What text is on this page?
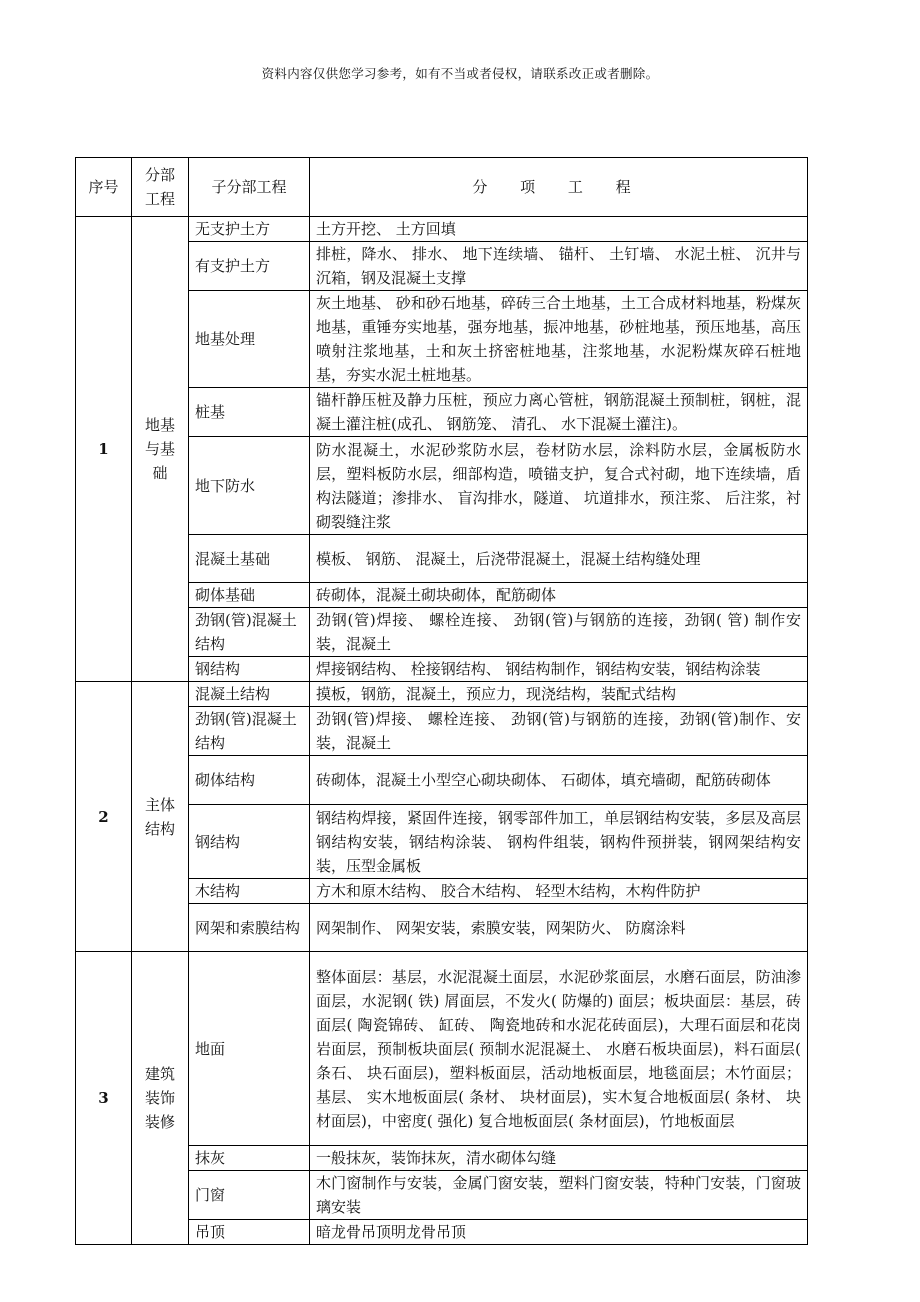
资料内容仅供您学习参考，如有不当或者侵权，请联系改正或者删除。
序号	分部工程	子分部工程	分 项 工 程
1	地基与基础	无支护土方	土方开挖、 土方回填
		有支护土方	排桩，降水、 排水、 地下连续墙、 锚杆、 土钉墙、 水泥土桩、 沉井与沉箱，钢及混凝土支撑
		地基处理	灰土地基、 砂和砂石地基，碎砖三合土地基，土工合成材料地基，粉煤灰地基，重锤夯实地基，强夯地基，振冲地基，砂桩地基，预压地基，高压喷射注浆地基，土和灰土挤密桩地基，注浆地基，水泥粉煤灰碎石桩地基，夯实水泥土桩地基。
		桩基	锚杆静压桩及静力压桩，预应力离心管桩，钢筋混凝土预制桩，钢桩，混凝土灌注桩(成孔、 钢筋笼、 清孔、 水下混凝土灌注)。
		地下防水	防水混凝土，水泥砂浆防水层，卷材防水层，涂料防水层，金属板防水层，塑料板防水层，细部构造，喷锚支护，复合式衬砌，地下连续墙，盾构法隧道；渗排水、 盲沟排水，隧道、 坑道排水，预注浆、 后注浆，衬砌裂缝注浆
		混凝土基础	模板、 钢筋、 混凝土，后浇带混凝土，混凝土结构缝处理
		砌体基础	砖砌体，混凝土砌块砌体，配筋砌体
		劲钢(管)混凝土结构	劲钢(管)焊接、 螺栓连接、 劲钢(管)与钢筋的连接，劲钢( 管) 制作安装，混凝土
		钢结构	焊接钢结构、 栓接钢结构、 钢结构制作，钢结构安装，钢结构涂装
2	主体结构	混凝土结构	摸板，钢筋，混凝土，预应力，现浇结构，装配式结构
		劲钢(管)混凝土结构	劲钢(管)焊接、 螺栓连接、 劲钢(管)与钢筋的连接，劲钢(管)制作、安装，混凝土
		砌体结构	砖砌体，混凝土小型空心砌块砌体、 石砌体，填充墙砌，配筋砖砌体
		钢结构	钢结构焊接，紧固件连接，钢零部件加工，单层钢结构安装，多层及高层钢结构安装，钢结构涂装、 钢构件组装，钢构件预拼装，钢网架结构安装，压型金属板
		木结构	方木和原木结构、 胶合木结构、 轻型木结构，木构件防护
		网架和索膜结构	网架制作、 网架安装，索膜安装，网架防火、 防腐涂料
3	建筑装饰装修	地面	整体面层：基层，水泥混凝土面层，水泥砂浆面层，水磨石面层，防油渗面层，水泥钢( 铁) 屑面层，不发火( 防爆的) 面层；板块面层：基层，砖面层( 陶瓷锦砖、 缸砖、 陶瓷地砖和水泥花砖面层)，大理石面层和花岗岩面层，预制板块面层( 预制水泥混凝土、 水磨石板块面层)，料石面层( 条石、 块石面层)，塑料板面层，活动地板面层，地毯面层；木竹面层；基层、 实木地板面层( 条材、 块材面层)，实木复合地板面层( 条材、 块材面层)，中密度( 强化) 复合地板面层( 条材面层)，竹地板面层
		抹灰	一般抹灰，装饰抹灰，清水砌体勾缝
		门窗	木门窗制作与安装，金属门窗安装，塑料门窗安装，特种门安装，门窗玻璃安装
		吊顶	暗龙骨吊顶明龙骨吊顶
